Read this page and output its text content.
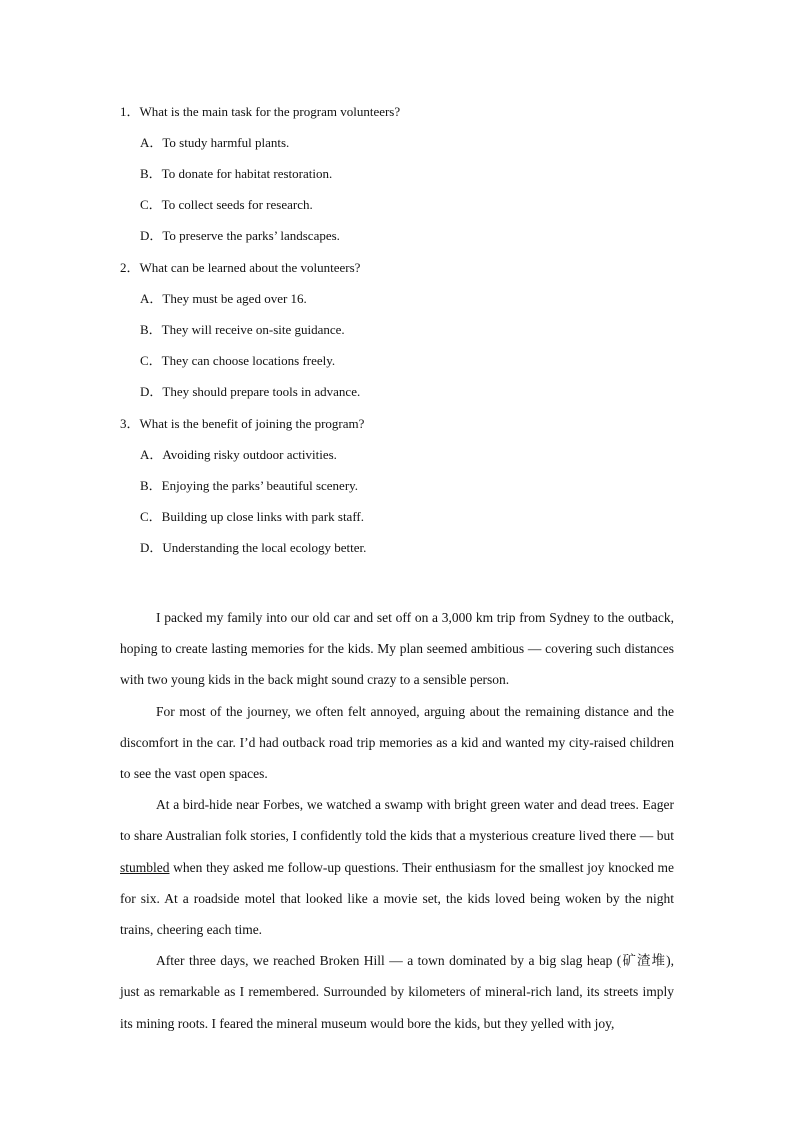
1．What is the main task for the program volunteers?
A．To study harmful plants.
B．To donate for habitat restoration.
C．To collect seeds for research.
D．To preserve the parks’ landscapes.
2．What can be learned about the volunteers?
A．They must be aged over 16.
B．They will receive on-site guidance.
C．They can choose locations freely.
D．They should prepare tools in advance.
3．What is the benefit of joining the program?
A．Avoiding risky outdoor activities.
B．Enjoying the parks’ beautiful scenery.
C．Building up close links with park staff.
D．Understanding the local ecology better.

I packed my family into our old car and set off on a 3,000 km trip from Sydney to the outback, hoping to create lasting memories for the kids. My plan seemed ambitious — covering such distances with two young kids in the back might sound crazy to a sensible person.

For most of the journey, we often felt annoyed, arguing about the remaining distance and the discomfort in the car. I’d had outback road trip memories as a kid and wanted my city-raised children to see the vast open spaces.

At a bird-hide near Forbes, we watched a swamp with bright green water and dead trees. Eager to share Australian folk stories, I confidently told the kids that a mysterious creature lived there — but stumbled when they asked me follow-up questions. Their enthusiasm for the smallest joy knocked me for six. At a roadside motel that looked like a movie set, the kids loved being woken by the night trains, cheering each time.

After three days, we reached Broken Hill — a town dominated by a big slag heap (矿渣堆), just as remarkable as I remembered. Surrounded by kilometers of mineral-rich land, its streets imply its mining roots. I feared the mineral museum would bore the kids, but they yelled with joy,
